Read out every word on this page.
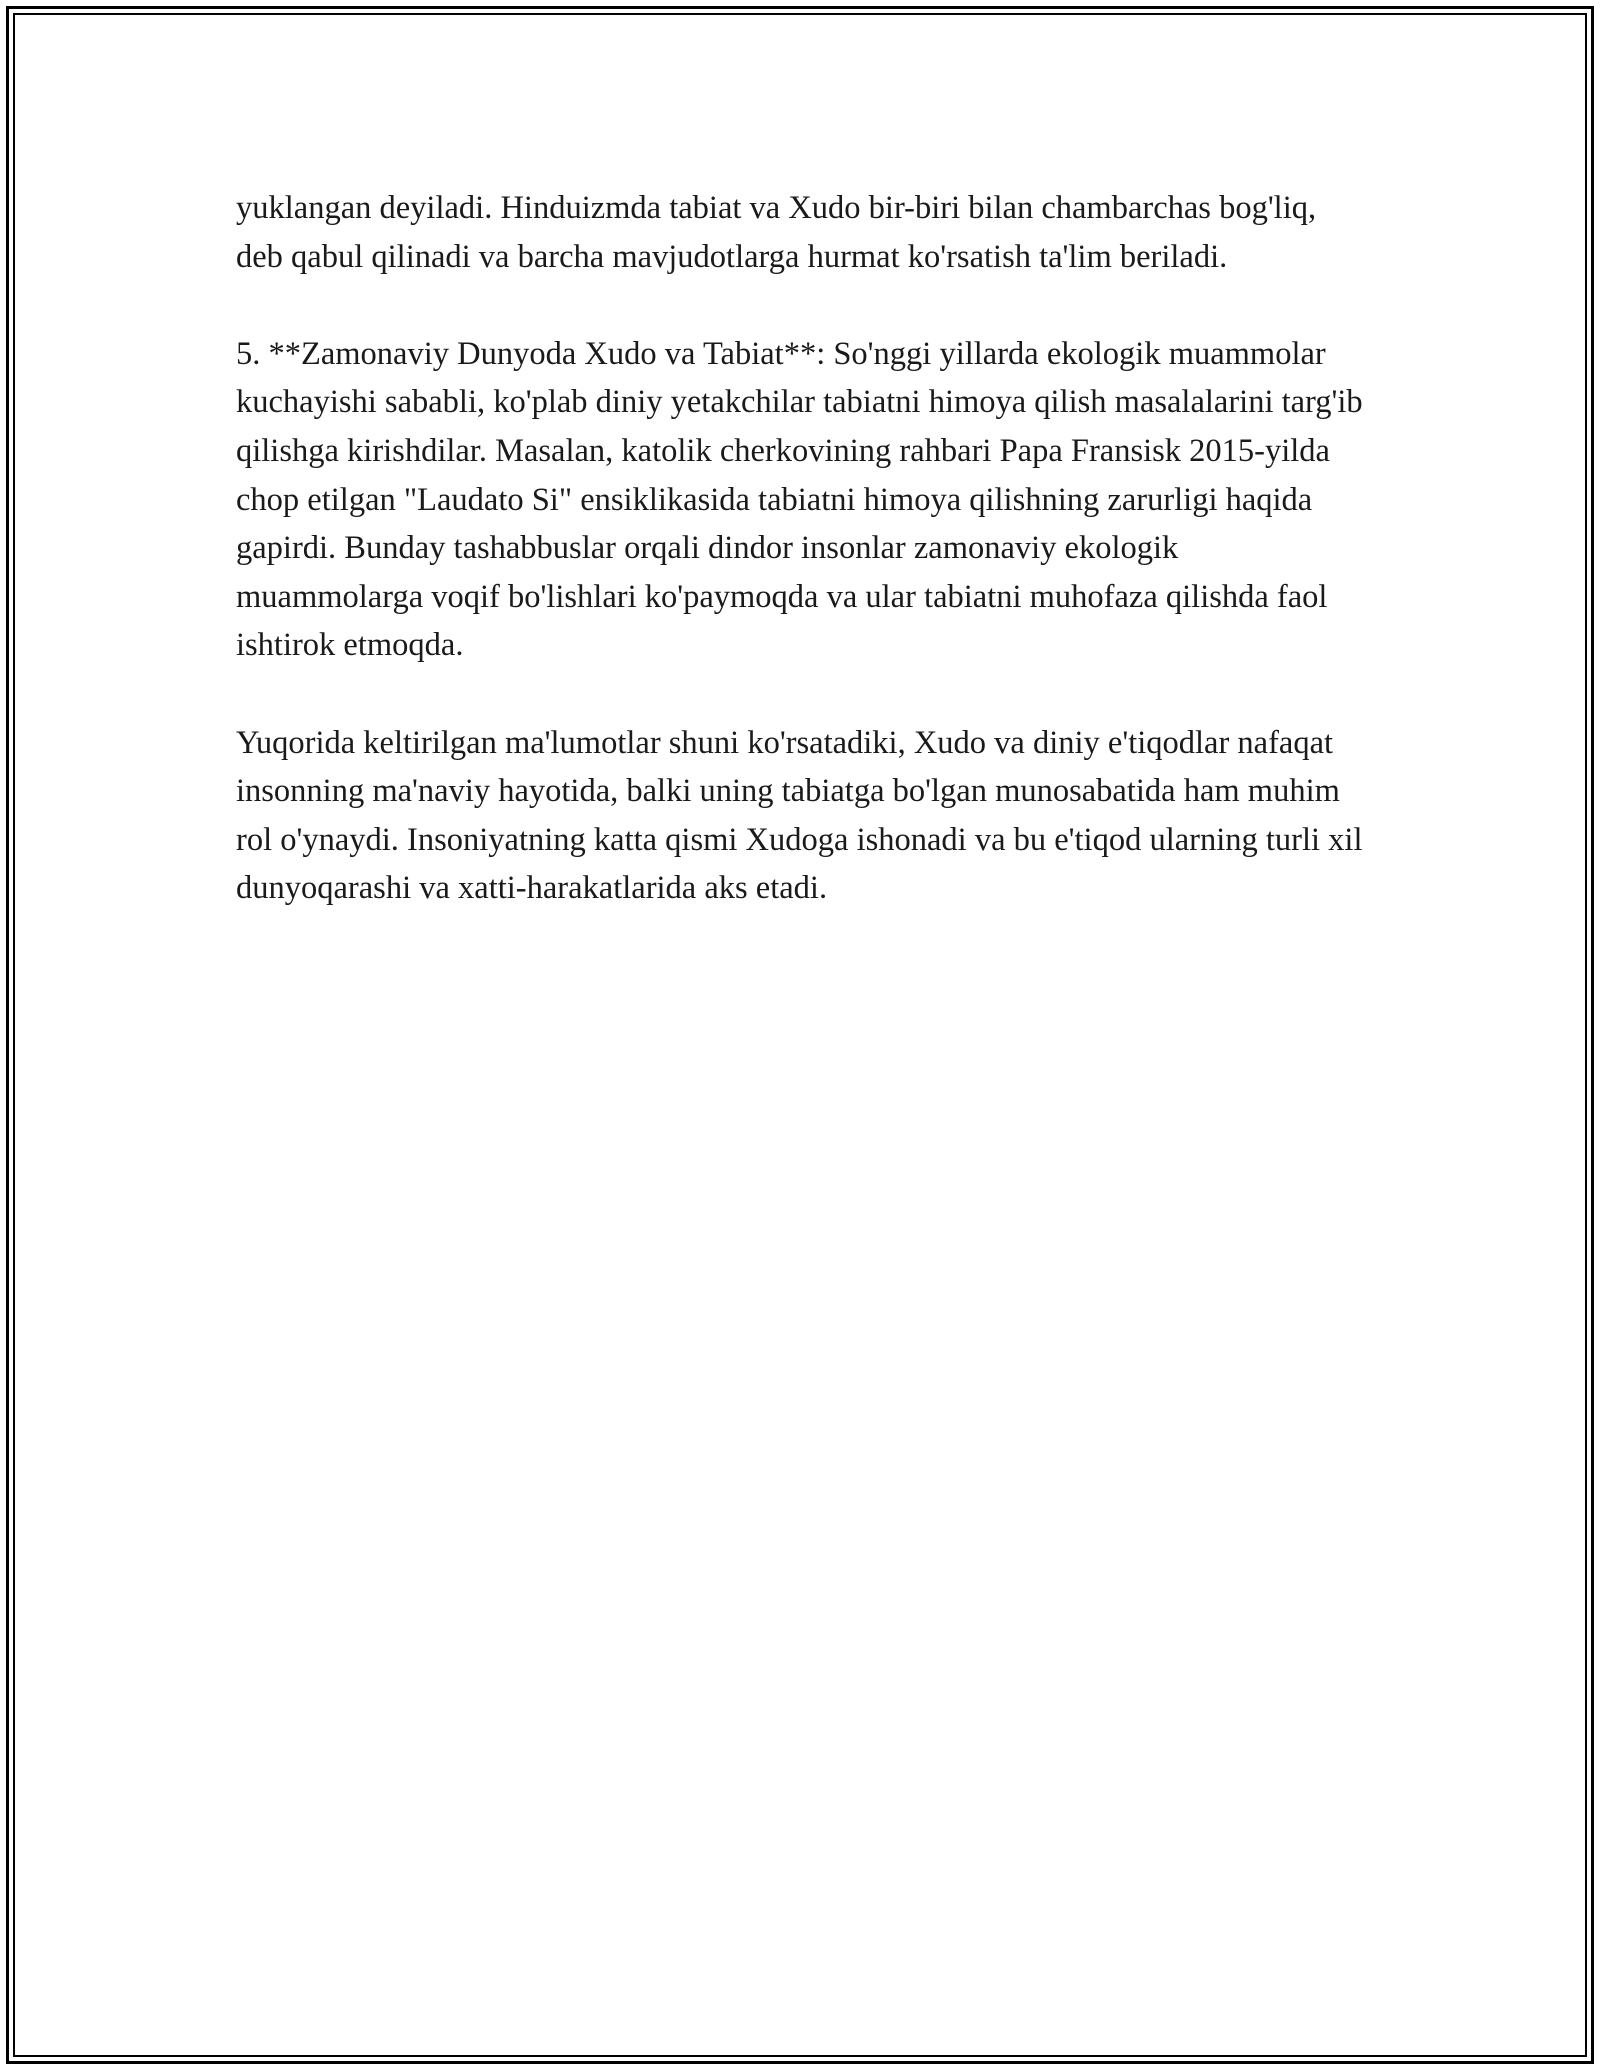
yuklangan deyiladi. Hinduizmda tabiat va Xudo bir-biri bilan chambarchas bog'liq, deb qabul qilinadi va barcha mavjudotlarga hurmat ko'rsatish ta'lim beriladi.

5. **Zamonaviy Dunyoda Xudo va Tabiat**: So'nggi yillarda ekologik muammolar kuchayishi sababli, ko'plab diniy yetakchilar tabiatni himoya qilish masalalarini targ'ib qilishga kirishdilar. Masalan, katolik cherkovining rahbari Papa Fransisk 2015-yilda chop etilgan "Laudato Si" ensiklikasida tabiatni himoya qilishning zarurligi haqida gapirdi. Bunday tashabbuslar orqali dindor insonlar zamonaviy ekologik muammolarga voqif bo'lishlari ko'paymoqda va ular tabiatni muhofaza qilishda faol ishtirok etmoqda.

Yuqorida keltirilgan ma'lumotlar shuni ko'rsatadiki, Xudo va diniy e'tiqodlar nafaqat insonning ma'naviy hayotida, balki uning tabiatga bo'lgan munosabatida ham muhim rol o'ynaydi. Insoniyatning katta qismi Xudoga ishonadi va bu e'tiqod ularning turli xil dunyoqarashi va xatti-harakatlarida aks etadi.
